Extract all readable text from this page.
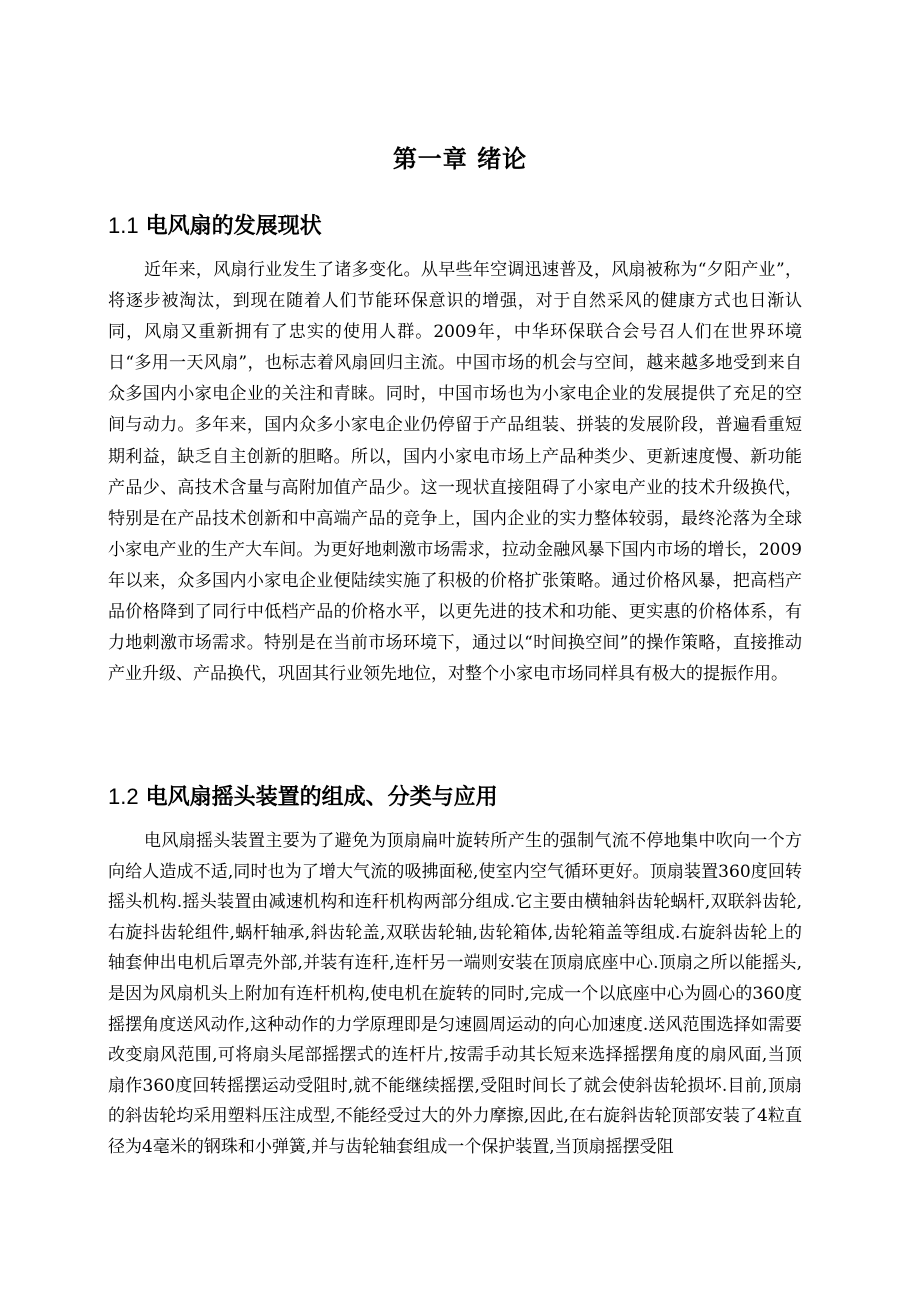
第一章 绪论
1.1 电风扇的发展现状

近年来，风扇行业发生了诸多变化。从早些年空调迅速普及，风扇被称为“夕阳产业”，将逐步被淘汰，到现在随着人们节能环保意识的增强，对于自然采风的健康方式也日渐认同，风扇又重新拥有了忠实的使用人群。2009年，中华环保联合会号召人们在世界环境日“多用一天风扇”，也标志着风扇回归主流。中国市场的机会与空间，越来越多地受到来自众多国内小家电企业的关注和青睐。同时，中国市场也为小家电企业的发展提供了充足的空间与动力。多年来，国内众多小家电企业仍停留于产品组装、拼装的发展阶段，普遍看重短期利益，缺乏自主创新的胆略。所以，国内小家电市场上产品种类少、更新速度慢、新功能产品少、高技术含量与高附加值产品少。这一现状直接阻碍了小家电产业的技术升级换代，特别是在产品技术创新和中高端产品的竞争上，国内企业的实力整体较弱，最终沦落为全球小家电产业的生产大车间。为更好地刺激市场需求，拉动金融风暴下国内市场的增长，2009年以来，众多国内小家电企业便陆续实施了积极的价格扩张策略。通过价格风暴，把高档产品价格降到了同行中低档产品的价格水平，以更先进的技术和功能、更实惠的价格体系，有力地刺激市场需求。特别是在当前市场环境下，通过以“时间换空间”的操作策略，直接推动产业升级、产品换代，巩固其行业领先地位，对整个小家电市场同样具有极大的提振作用。

1.2 电风扇摇头装置的组成、分类与应用

电风扇摇头装置主要为了避免为顶扇扁叶旋转所产生的强制气流不停地集中吹向一个方向给人造成不适,同时也为了增大气流的吸拂面秘,使室内空气循环更好。顶扇装置360度回转摇头机构.摇头装置由减速机构和连秆机构两部分组成.它主要由横轴斜齿轮蜗杆,双联斜齿轮,右旋抖齿轮组件,蜗杆轴承,斜齿轮盖,双联齿轮轴,齿轮箱体,齿轮箱盖等组成.右旋斜齿轮上的轴套伸出电机后罩壳外部,并装有连秆,连杆另一端则安装在顶扇底座中心.顶扇之所以能摇头,是因为风扇机头上附加有连杆机构,使电机在旋转的同时,完成一个以底座中心为圆心的360度摇摆角度送风动作,这种动作的力学原理即是匀速圆周运动的向心加速度.送风范围选择如需要改变扇风范围,可将扇头尾部摇摆式的连杆片,按需手动其长短来选择摇摆角度的扇风面,当顶扇作360度回转摇摆运动受阻时,就不能继续摇摆,受阻时间长了就会使斜齿轮损坏.目前,顶扇的斜齿轮均采用塑料压注成型,不能经受过大的外力摩擦,因此,在右旋斜齿轮顶部安装了4粒直径为4毫米的钢珠和小弹簧,并与齿轮轴套组成一个保护装置,当顶扇摇摆受阻
